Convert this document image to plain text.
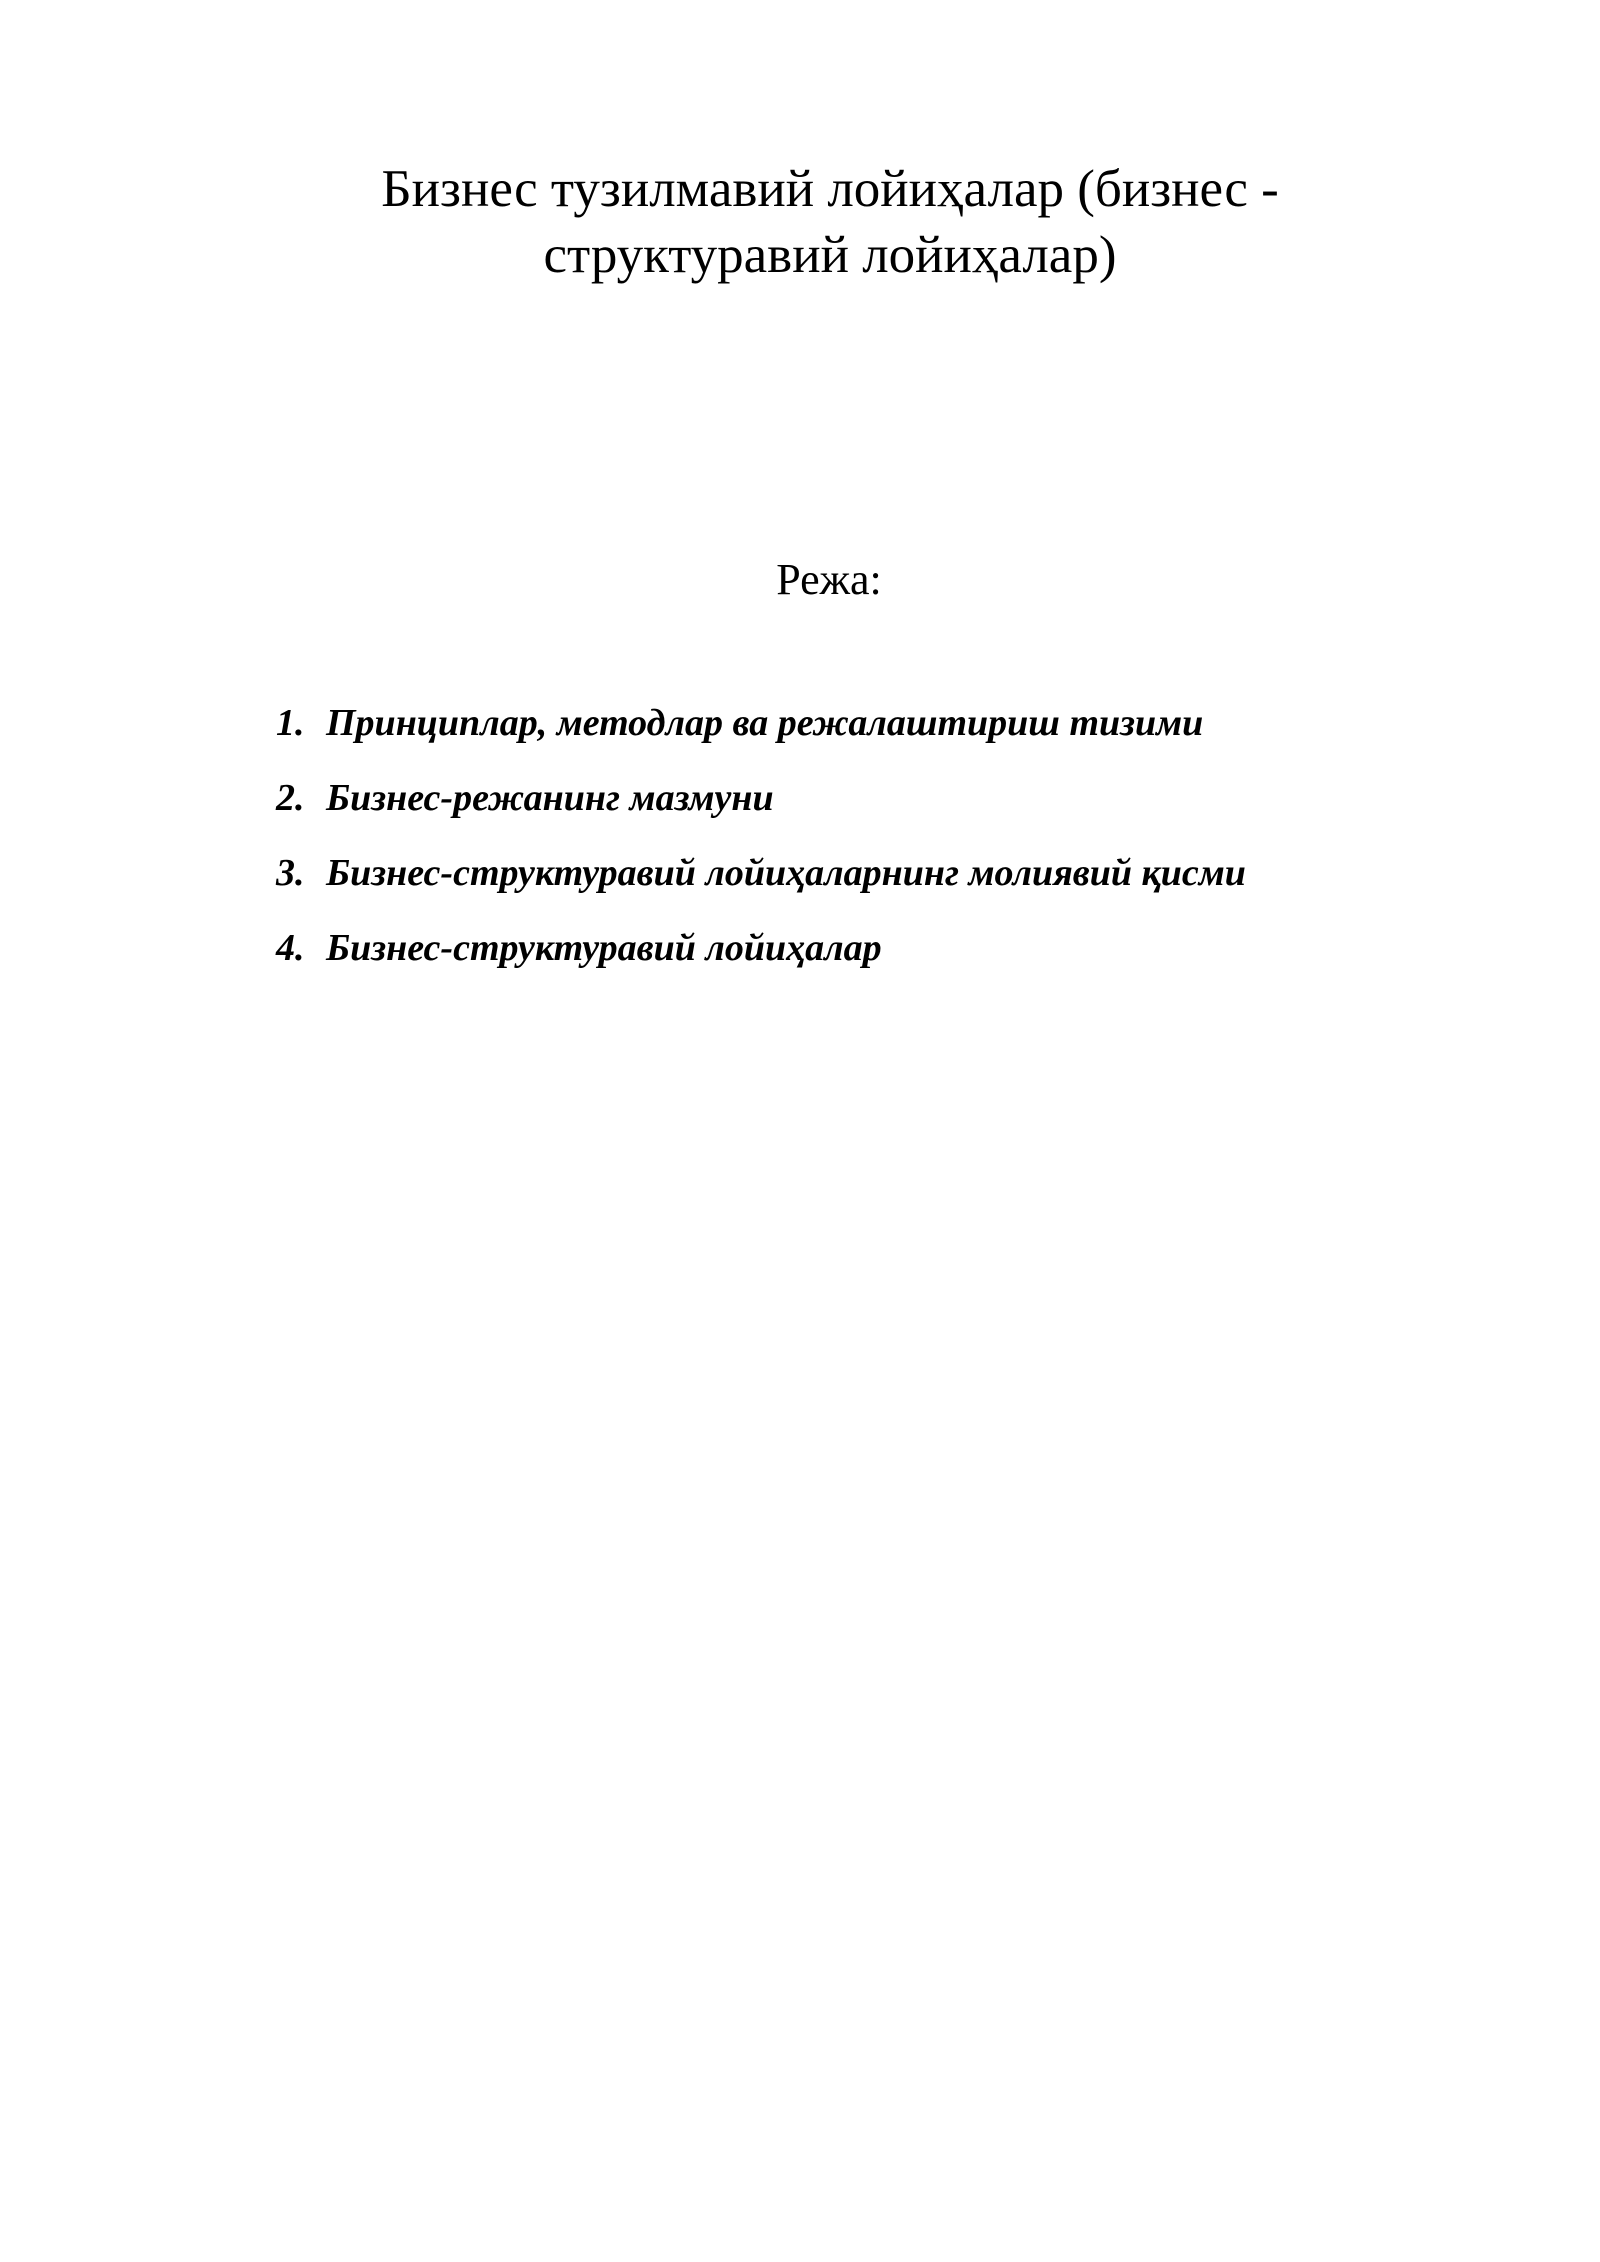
Бизнес тузилмавий лойиҳалар (бизнес - структуравий лойиҳалар)
Режа:
1. Принциплар, методлар ва режалаштириш тизими
2. Бизнес-режанинг мазмуни
3. Бизнес-структуравий лойиҳаларнинг молиявий қисми
4. Бизнес-структуравий лойиҳалар
